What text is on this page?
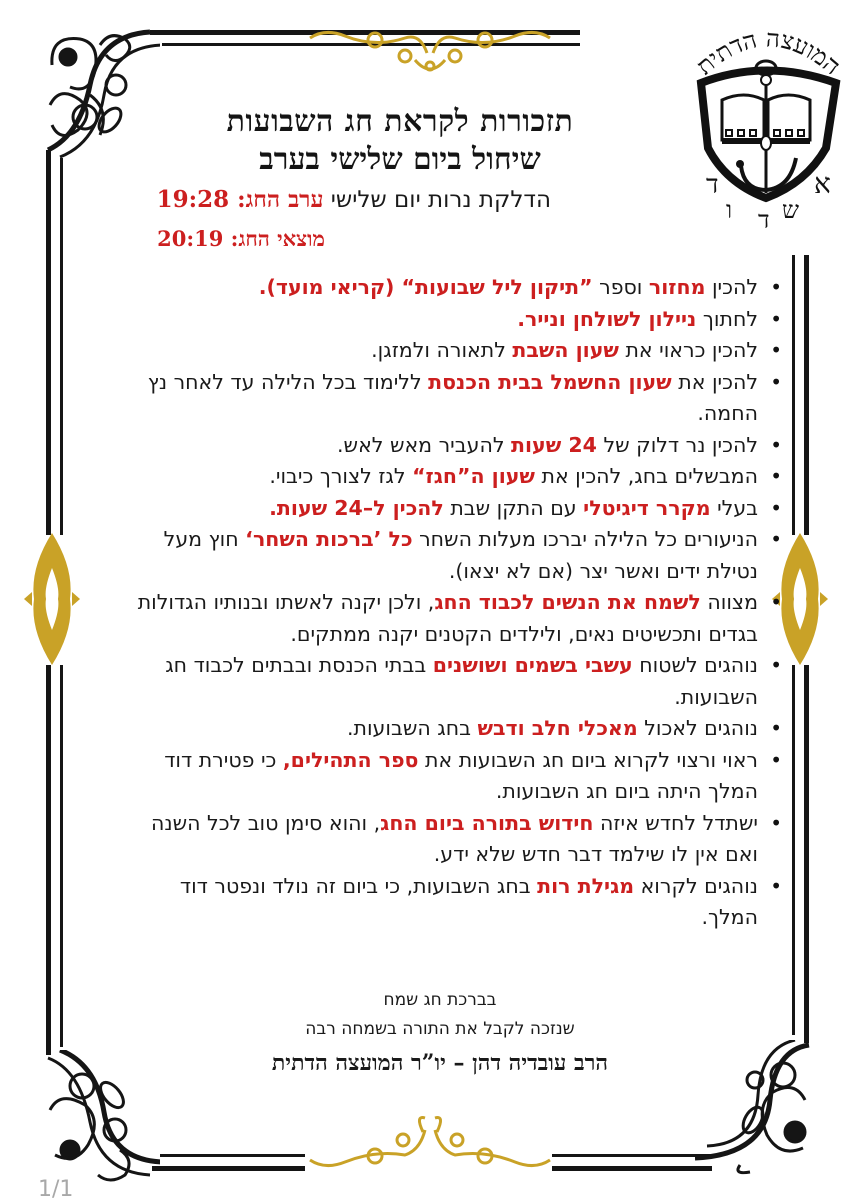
המועצה הדתית
ד
ו ד ש
א
תזכורות לקראת חג השבועות
שיחול ביום שלישי בערב
הדלקת נרות יום שלישי ערב החג: 19:28
מוצאי החג: 20:19
• להכין מחזור וספר ”תיקון ליל שבועות“ (קריאי מועד).
• לחתוך ניילון לשולחן ונייר.
• להכין כראוי את שעון השבת לתאורה ולמזגן.
• להכין את שעון החשמל בבית הכנסת ללימוד בכל הלילה עד לאחר נץ החמה.
• להכין נר דלוק של 24 שעות להעביר מאש לאש.
• המבשלים בחג, להכין את שעון ה”חגז“ לגז לצורך כיבוי.
• בעלי מקרר דיגיטלי עם התקן שבת להכין ל–24 שעות.
• הניעורים כל הלילה יברכו מעלות השחר כל ’ברכות השחר‘ חוץ מעל נטילת ידים ואשר יצר (אם לא יצאו).
• מצווה לשמח את הנשים לכבוד החג, ולכן יקנה לאשתו ובנותיו הגדולות בגדים ותכשיטים נאים, ולילדים הקטנים יקנה ממתקים.
• נוהגים לשטוח עשבי בשמים ושושנים בבתי הכנסת ובבתים לכבוד חג השבועות.
• נוהגים לאכול מאכלי חלב ודבש בחג השבועות.
• ראוי ורצוי לקרוא ביום חג השבועות את ספר התהילים, כי פטירת דוד המלך היתה ביום חג השבועות.
• ישתדל לחדש איזה חידוש בתורה ביום החג, והוא סימן טוב לכל השנה ואם אין לו שילמד דבר חדש שלא ידע.
• נוהגים לקרוא מגילת רות בחג השבועות, כי ביום זה נולד ונפטר דוד המלך.
בברכת חג שמח
שנזכה לקבל את התורה בשמחה רבה
הרב עובדיה דהן – יו”ר המועצה הדתית
1/1
